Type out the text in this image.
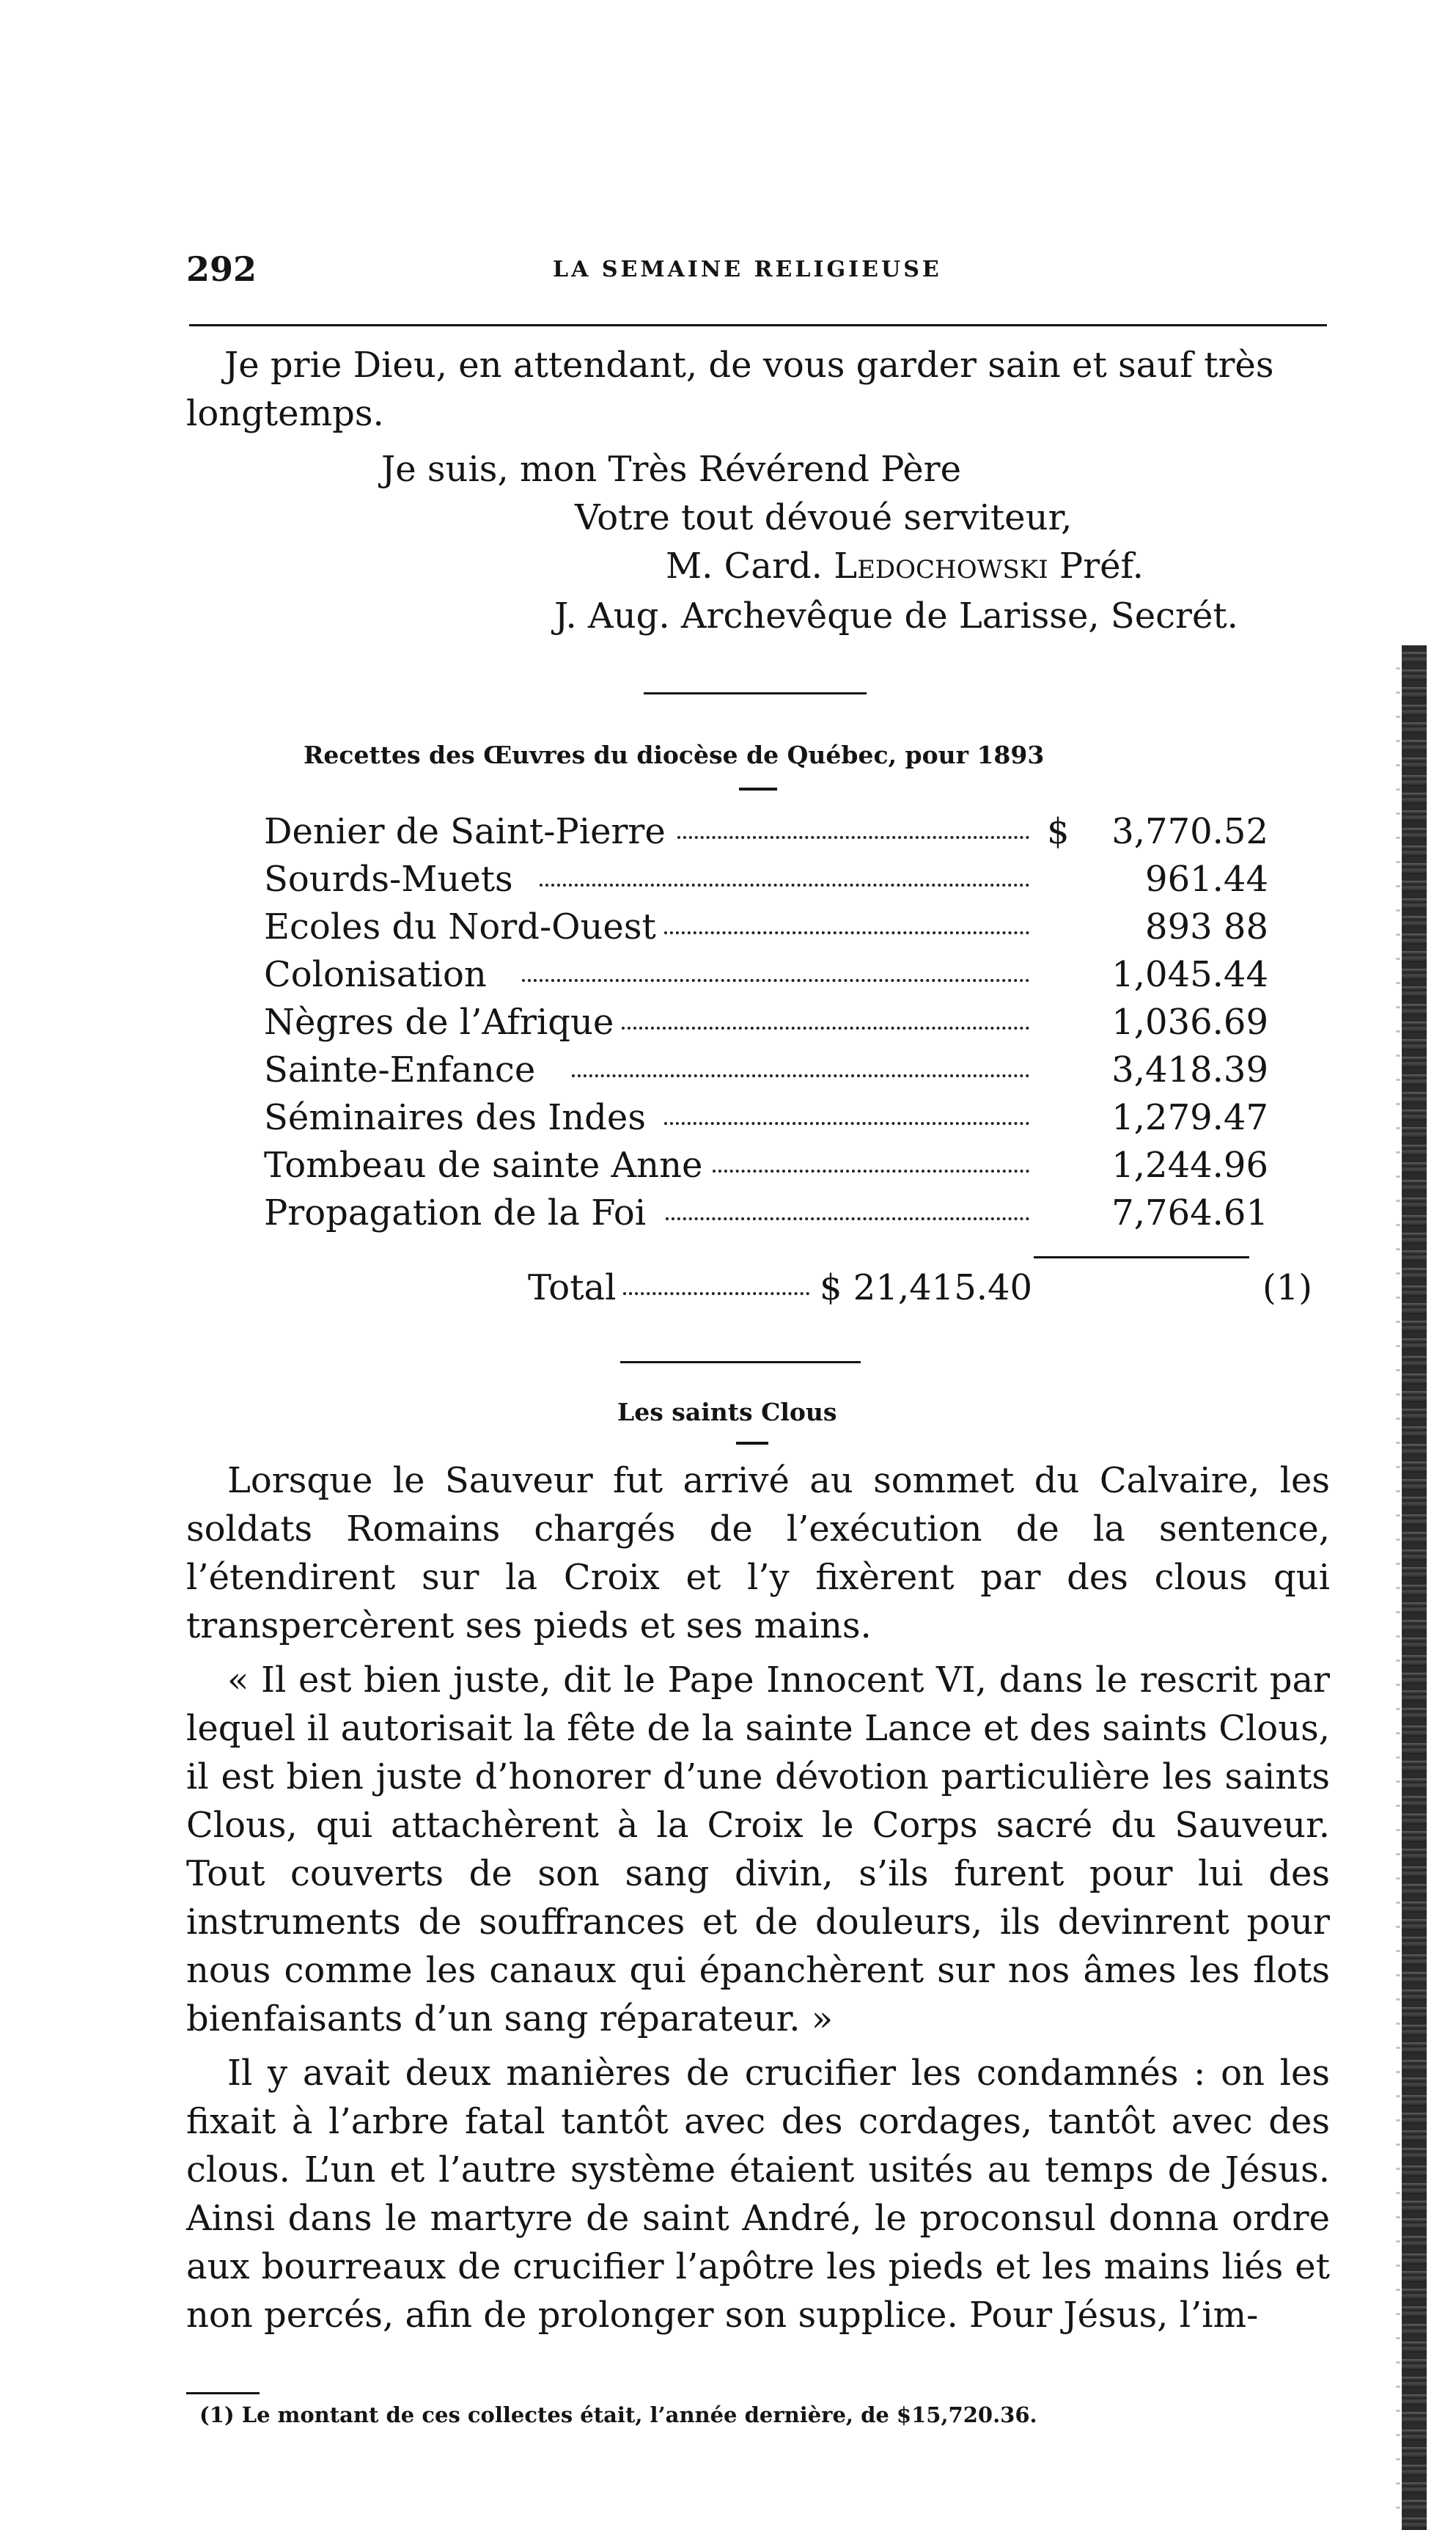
292	LA SEMAINE RELIGIEUSE
Je prie Dieu, en attendant, de vous garder sain et sauf très
longtemps.
Je suis, mon Très Révérend Père
Votre tout dévoué serviteur,
M. Card. Ledochowski Préf.
J. Aug. Archevêque de Larisse, Secrét.
Recettes des Œuvres du diocèse de Québec, pour 1893
Denier de Saint-Pierre	$	3,770.52
Sourds-Muets	961.44
Ecoles du Nord-Ouest	893 88
Colonisation	1,045.44
Nègres de l’Afrique	1,036.69
Sainte-Enfance	3,418.39
Séminaires des Indes	1,279.47
Tombeau de sainte Anne	1,244.96
Propagation de la Foi	7,764.61
Total	$ 21,415.40	(1)
Les saints Clous

Lorsque le Sauveur fut arrivé au sommet du Calvaire, les soldats Romains chargés de l’exécution de la sentence, l’étendirent sur la Croix et l’y fixèrent par des clous qui transpercèrent ses pieds et ses mains.

« Il est bien juste, dit le Pape Innocent VI, dans le rescrit par lequel il autorisait la fête de la sainte Lance et des saints Clous, il est bien juste d’honorer d’une dévotion particulière les saints Clous, qui attachèrent à la Croix le Corps sacré du Sauveur. Tout couverts de son sang divin, s’ils furent pour lui des instruments de souffrances et de douleurs, ils devinrent pour nous comme les canaux qui épanchèrent sur nos âmes les flots bienfaisants d’un sang réparateur. »

Il y avait deux manières de crucifier les condamnés : on les fixait à l’arbre fatal tantôt avec des cordages, tantôt avec des clous. L’un et l’autre système étaient usités au temps de Jésus. Ainsi dans le martyre de saint André, le proconsul donna ordre aux bourreaux de crucifier l’apôtre les pieds et les mains liés et non percés, afin de prolonger son supplice. Pour Jésus, l’im-

(1) Le montant de ces collectes était, l’année dernière, de $15,720.36.
